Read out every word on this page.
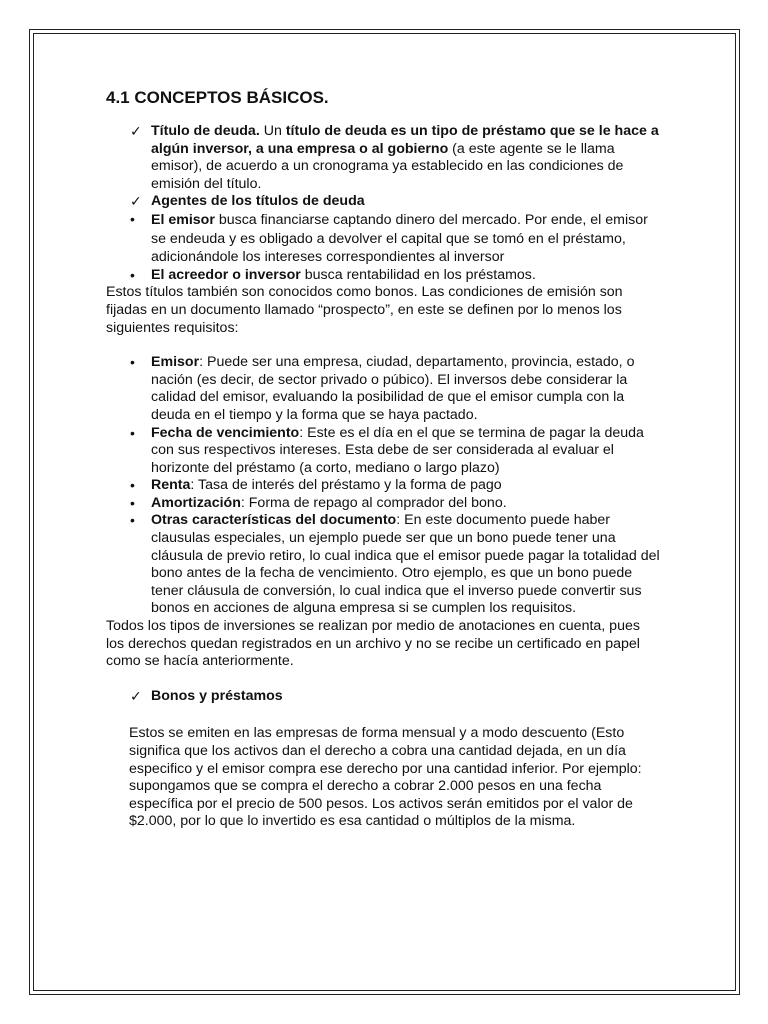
4.1 CONCEPTOS BÁSICOS.
✓ Título de deuda. Un título de deuda es un tipo de préstamo que se le hace a algún inversor, a una empresa o al gobierno (a este agente se le llama emisor), de acuerdo a un cronograma ya establecido en las condiciones de emisión del título.

✓ Agentes de los títulos de deuda

• El emisor busca financiarse captando dinero del mercado. Por ende, el emisor se endeuda y es obligado a devolver el capital que se tomó en el préstamo, adicionándole los intereses correspondientes al inversor

• El acreedor o inversor busca rentabilidad en los préstamos.

Estos títulos también son conocidos como bonos. Las condiciones de emisión son fijadas en un documento llamado “prospecto”, en este se definen por lo menos los siguientes requisitos:

• Emisor: Puede ser una empresa, ciudad, departamento, provincia, estado, o nación (es decir, de sector privado o púbico). El inversos debe considerar la calidad del emisor, evaluando la posibilidad de que el emisor cumpla con la deuda en el tiempo y la forma que se haya pactado.

• Fecha de vencimiento: Este es el día en el que se termina de pagar la deuda con sus respectivos intereses. Esta debe de ser considerada al evaluar el horizonte del préstamo (a corto, mediano o largo plazo)

• Renta: Tasa de interés del préstamo y la forma de pago

• Amortización: Forma de repago al comprador del bono.

• Otras características del documento: En este documento puede haber clausulas especiales, un ejemplo puede ser que un bono puede tener una cláusula de previo retiro, lo cual indica que el emisor puede pagar la totalidad del bono antes de la fecha de vencimiento. Otro ejemplo, es que un bono puede tener cláusula de conversión, lo cual indica que el inverso puede convertir sus bonos en acciones de alguna empresa si se cumplen los requisitos.

Todos los tipos de inversiones se realizan por medio de anotaciones en cuenta, pues los derechos quedan registrados en un archivo y no se recibe un certificado en papel como se hacía anteriormente.

✓ Bonos y préstamos

Estos se emiten en las empresas de forma mensual y a modo descuento (Esto significa que los activos dan el derecho a cobra una cantidad dejada, en un día especifico y el emisor compra ese derecho por una cantidad inferior. Por ejemplo: supongamos que se compra el derecho a cobrar 2.000 pesos en una fecha específica por el precio de 500 pesos. Los activos serán emitidos por el valor de $2.000, por lo que lo invertido es esa cantidad o múltiplos de la misma.
